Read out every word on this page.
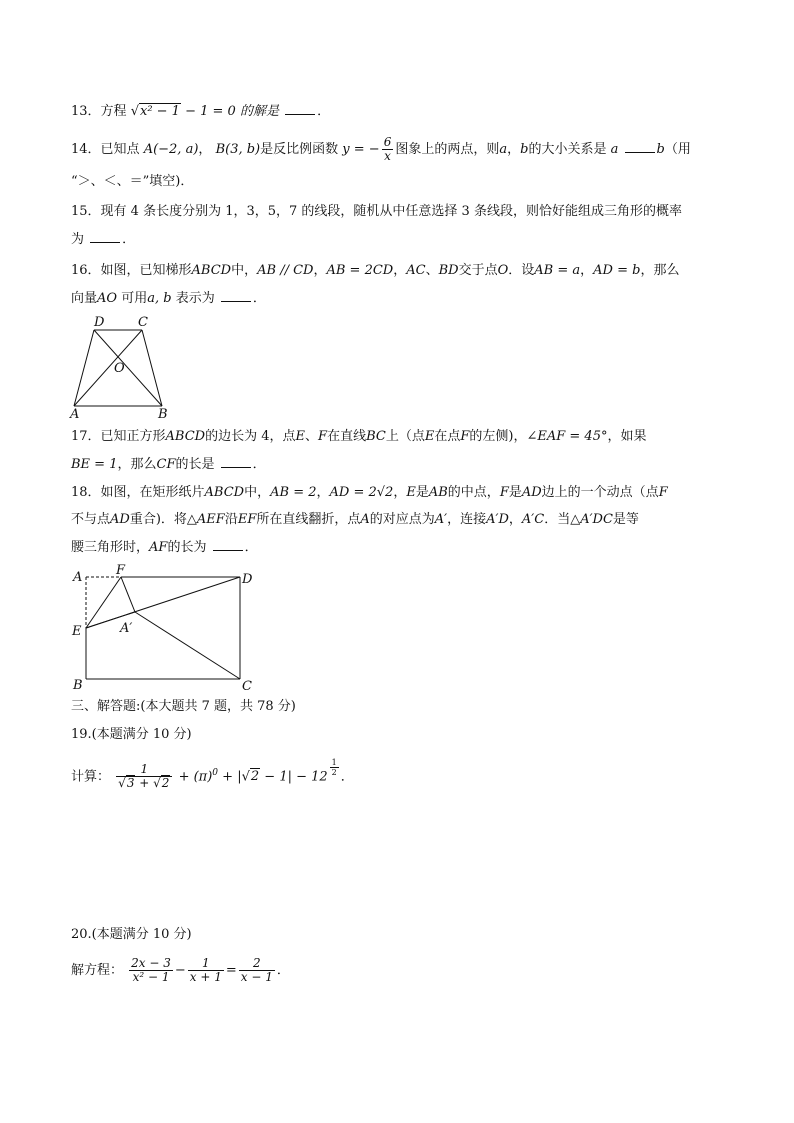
13．方程 √x² − 1 − 1 = 0 的解是	．
14．已知点 A(−2, a)， B(3, b)是反比例函数 y = − $\frac{6}{x}$ 图象上的两点，则a，b的大小关系是 a	b（用
“＞、＜、＝”填空)．
15．现有 4 条长度分别为 1，3，5，7 的线段，随机从中任意选择 3 条线段，则恰好能组成三角形的概率
为	．
16．如图，已知梯形ABCD中，AB // CD，AB = 2CD，AC、BD交于点O．设AB = a，AD = b，那么
向量AO 可用a, b 表示为	．
D	C
O
A	B
17．已知正方形ABCD的边长为 4，点E、F在直线BC上（点E在点F的左侧)，∠EAF = 45°，如果
BE = 1，那么CF的长是	．
18．如图，在矩形纸片ABCD中，AB = 2，AD = 2√2，E是AB的中点，F是AD边上的一个动点（点F
不与点AD重合)．将△AEF沿EF所在直线翻折，点A的对应点为A′，连接A′D，A′C．当△A′DC是等
腰三角形时，AF的长为	．
A	F
D
E	A′
B	C
三、解答题:(本大题共 7 题，共 78 分)
19.(本题满分 10 分)
计算： $\frac{1}{√3 + √2} + (\pi)^0 + |√2 - 1| - 12$ $^{\frac{1}{2}}$ ．
20.(本题满分 10 分)
解方程： $\frac{2x - 3}{\text{x² − 1}} - \frac{1}{x + 1} = \frac{2}{x - 1}$ ．
